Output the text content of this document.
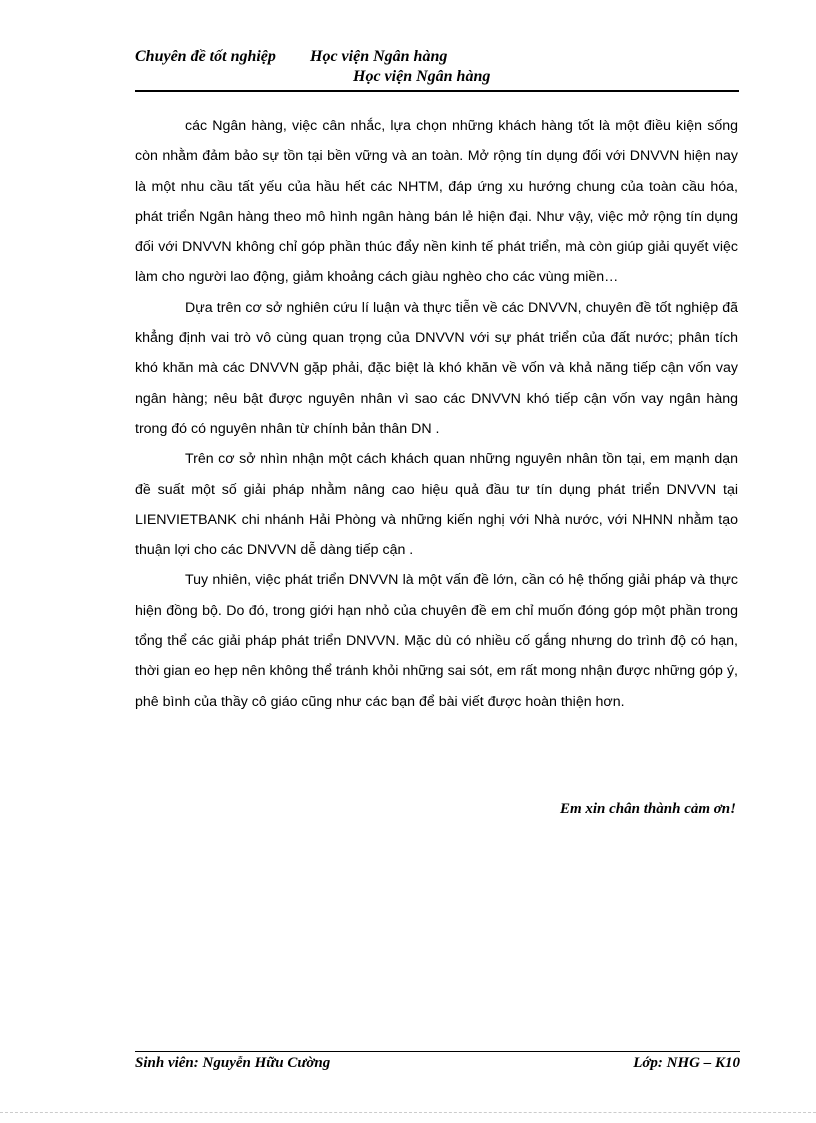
Chuyên đề tốt nghiệp Học viện Ngân hàng
Học viện Ngân hàng

các Ngân hàng, việc cân nhắc, lựa chọn những khách hàng tốt là một điều kiện sống còn nhằm đảm bảo sự tồn tại bền vững và an toàn. Mở rộng tín dụng đối với DNVVN hiện nay là một nhu cầu tất yếu của hầu hết các NHTM, đáp ứng xu hướng chung của toàn cầu hóa, phát triển Ngân hàng theo mô hình ngân hàng bán lẻ hiện đại. Như vậy, việc mở rộng tín dụng đối với DNVVN không chỉ góp phần thúc đẩy nền kinh tế phát triển, mà còn giúp giải quyết việc làm cho người lao động, giảm khoảng cách giàu nghèo cho các vùng miền…

Dựa trên cơ sở nghiên cứu lí luận và thực tiễn về các DNVVN, chuyên đề tốt nghiệp đã khẳng định vai trò vô cùng quan trọng của DNVVN với sự phát triển của đất nước; phân tích khó khăn mà các DNVVN gặp phải, đặc biệt là khó khăn về vốn và khả năng tiếp cận vốn vay ngân hàng; nêu bật được nguyên nhân vì sao các DNVVN khó tiếp cận vốn vay ngân hàng trong đó có nguyên nhân từ chính bản thân DN .

Trên cơ sở nhìn nhận một cách khách quan những nguyên nhân tồn tại, em mạnh dạn đề suất một số giải pháp nhằm nâng cao hiệu quả đầu tư tín dụng phát triển DNVVN tại LIENVIETBANK chi nhánh Hải Phòng và những kiến nghị với Nhà nước, với NHNN nhằm tạo thuận lợi cho các DNVVN dễ dàng tiếp cận .

Tuy nhiên, việc phát triển DNVVN là một vấn đề lớn, cần có hệ thống giải pháp và thực hiện đồng bộ. Do đó, trong giới hạn nhỏ của chuyên đề em chỉ muốn đóng góp một phần trong tổng thể các giải pháp phát triển DNVVN. Mặc dù có nhiều cố gắng nhưng do trình độ có hạn, thời gian eo hẹp nên không thể tránh khỏi những sai sót, em rất mong nhận được những góp ý, phê bình của thầy cô giáo cũng như các bạn để bài viết được hoàn thiện hơn.

Em xin chân thành cảm ơn!
Sinh viên: Nguyễn Hữu Cường	Lớp: NHG – K10
